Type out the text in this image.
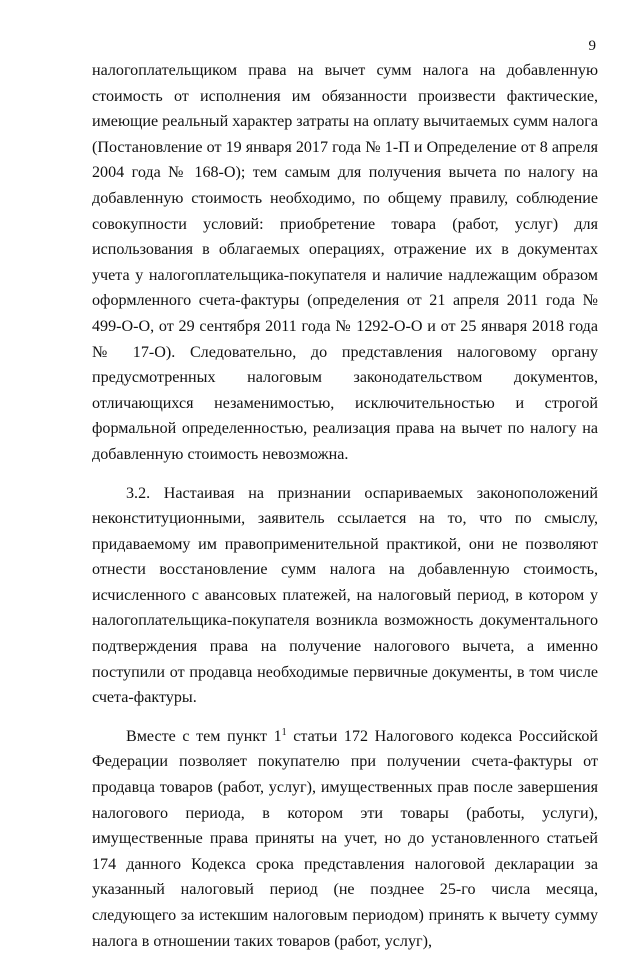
9

налогоплательщиком права на вычет сумм налога на добавленную стоимость от исполнения им обязанности произвести фактические, имеющие реальный характер затраты на оплату вычитаемых сумм налога (Постановление от 19 января 2017 года № 1-П и Определение от 8 апреля 2004 года № 168-О); тем самым для получения вычета по налогу на добавленную стоимость необходимо, по общему правилу, соблюдение совокупности условий: приобретение товара (работ, услуг) для использования в облагаемых операциях, отражение их в документах учета у налогоплательщика-покупателя и наличие надлежащим образом оформленного счета-фактуры (определения от 21 апреля 2011 года № 499-О-О, от 29 сентября 2011 года № 1292-О-О и от 25 января 2018 года № 17-О). Следовательно, до представления налоговому органу предусмотренных налоговым законодательством документов, отличающихся незаменимостью, исключительностью и строгой формальной определенностью, реализация права на вычет по налогу на добавленную стоимость невозможна.

3.2. Настаивая на признании оспариваемых законоположений неконституционными, заявитель ссылается на то, что по смыслу, придаваемому им правоприменительной практикой, они не позволяют отнести восстановление сумм налога на добавленную стоимость, исчисленного с авансовых платежей, на налоговый период, в котором у налогоплательщика-покупателя возникла возможность документального подтверждения права на получение налогового вычета, а именно поступили от продавца необходимые первичные документы, в том числе счета-фактуры.

Вместе с тем пункт $1^1$ статьи 172 Налогового кодекса Российской Федерации позволяет покупателю при получении счета-фактуры от продавца товаров (работ, услуг), имущественных прав после завершения налогового периода, в котором эти товары (работы, услуги), имущественные права приняты на учет, но до установленного статьей 174 данного Кодекса срока представления налоговой декларации за указанный налоговый период (не позднее 25-го числа месяца, следующего за истекшим налоговым периодом) принять к вычету сумму налога в отношении таких товаров (работ, услуг),
